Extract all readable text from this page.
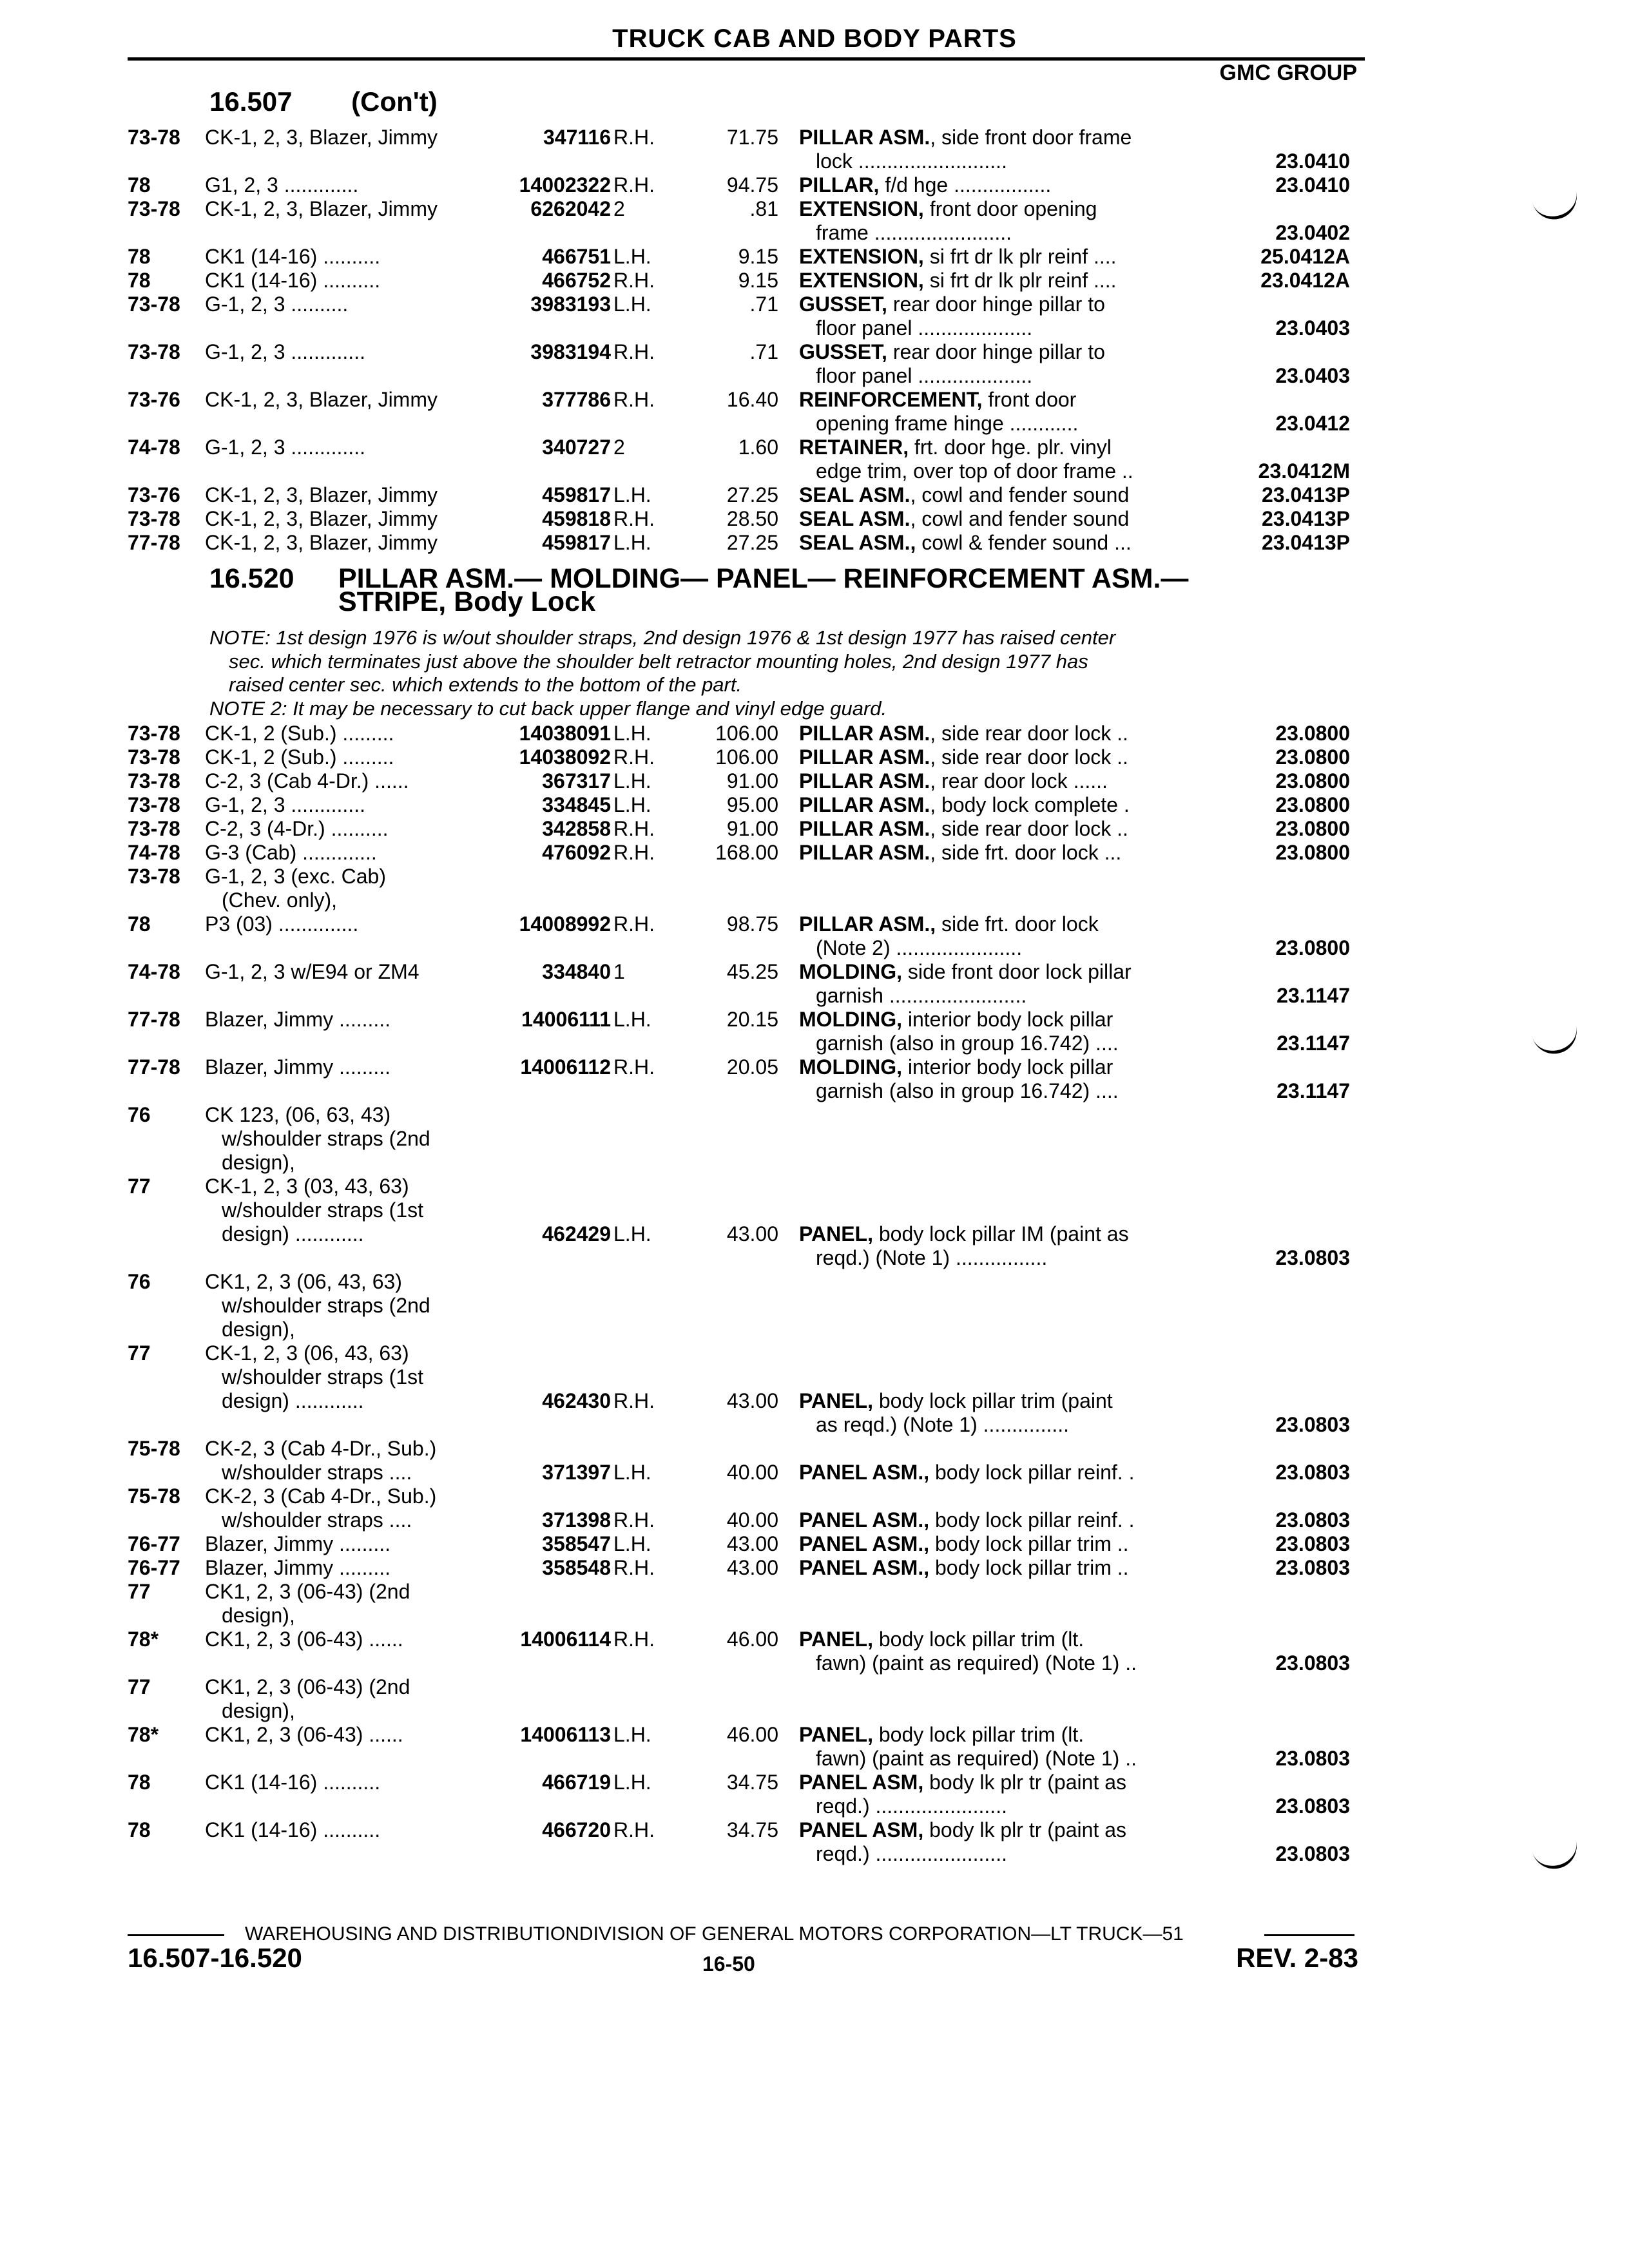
TRUCK CAB AND BODY PARTS
GMC GROUP
16.507 (Con't)
73-78 CK-1, 2, 3, Blazer, Jimmy	347116 R.H.	71.75 PILLAR ASM., side front door frame
lock ..........................	23.0410
78	G1, 2, 3 .............	14002322 R.H.	94.75 PILLAR, f/d hge .................	23.0410
73-78 CK-1, 2, 3, Blazer, Jimmy	6262042 2	.81 EXTENSION, front door opening
frame ........................	23.0402
78	CK1 (14-16) ..........	466751 L.H.	9.15 EXTENSION, si frt dr lk plr reinf ....	25.0412A
78	CK1 (14-16) ..........	466752 R.H.	9.15 EXTENSION, si frt dr lk plr reinf ....	23.0412A
73-78 G-1, 2, 3 ..........	3983193 L.H.	.71 GUSSET, rear door hinge pillar to
floor panel ....................	23.0403
73-78 G-1, 2, 3 .............	3983194 R.H.	.71 GUSSET, rear door hinge pillar to
floor panel ....................	23.0403
73-76 CK-1, 2, 3, Blazer, Jimmy	377786 R.H.	16.40 REINFORCEMENT, front door
opening frame hinge ............	23.0412
74-78 G-1, 2, 3 .............	340727 2	1.60 RETAINER, frt. door hge. plr. vinyl
edge trim, over top of door frame ..	23.0412M
73-76 CK-1, 2, 3, Blazer, Jimmy	459817 L.H.	27.25 SEAL ASM., cowl and fender sound	23.0413P
73-78 CK-1, 2, 3, Blazer, Jimmy	459818 R.H.	28.50 SEAL ASM., cowl and fender sound	23.0413P
77-78 CK-1, 2, 3, Blazer, Jimmy	459817 L.H.	27.25 SEAL ASM., cowl & fender sound ...	23.0413P
16.520 PILLAR ASM.— MOLDING— PANEL— REINFORCEMENT ASM.—
STRIPE, Body Lock
NOTE: 1st design 1976 is w/out shoulder straps, 2nd design 1976 & 1st design 1977 has raised center
sec. which terminates just above the shoulder belt retractor mounting holes, 2nd design 1977 has
raised center sec. which extends to the bottom of the part.
NOTE 2: It may be necessary to cut back upper flange and vinyl edge guard.
73-78 CK-1, 2 (Sub.) .........	14038091 L.H.	106.00 PILLAR ASM., side rear door lock ..	23.0800
73-78 CK-1, 2 (Sub.) .........	14038092 R.H.	106.00 PILLAR ASM., side rear door lock ..	23.0800
73-78 C-2, 3 (Cab 4-Dr.) ......	367317 L.H.	91.00 PILLAR ASM., rear door lock ......	23.0800
73-78 G-1, 2, 3 .............	334845 L.H.	95.00 PILLAR ASM., body lock complete .	23.0800
73-78 C-2, 3 (4-Dr.) ..........	342858 R.H.	91.00 PILLAR ASM., side rear door lock ..	23.0800
74-78 G-3 (Cab) .............	476092 R.H.	168.00 PILLAR ASM., side frt. door lock ...	23.0800
73-78 G-1, 2, 3 (exc. Cab)
(Chev. only),
78	P3 (03) ..............	14008992 R.H.	98.75 PILLAR ASM., side frt. door lock
(Note 2) ......................	23.0800
74-78 G-1, 2, 3 w/E94 or ZM4	334840 1	45.25 MOLDING, side front door lock pillar
garnish ........................	23.1147
77-78 Blazer, Jimmy .........	14006111 L.H.	20.15 MOLDING, interior body lock pillar
garnish (also in group 16.742) ....	23.1147
77-78 Blazer, Jimmy .........	14006112 R.H.	20.05 MOLDING, interior body lock pillar
garnish (also in group 16.742) ....	23.1147
76	CK 123, (06, 63, 43)
w/shoulder straps (2nd
design),
77	CK-1, 2, 3 (03, 43, 63)
w/shoulder straps (1st
design) ............	462429 L.H.	43.00 PANEL, body lock pillar IM (paint as
reqd.) (Note 1) ................	23.0803
76	CK1, 2, 3 (06, 43, 63)
w/shoulder straps (2nd
design),
77	CK-1, 2, 3 (06, 43, 63)
w/shoulder straps (1st
design) ............	462430 R.H.	43.00 PANEL, body lock pillar trim (paint
as reqd.) (Note 1) ...............	23.0803
75-78 CK-2, 3 (Cab 4-Dr., Sub.)
w/shoulder straps ....	371397 L.H.	40.00 PANEL ASM., body lock pillar reinf. .	23.0803
75-78 CK-2, 3 (Cab 4-Dr., Sub.)
w/shoulder straps ....	371398 R.H.	40.00 PANEL ASM., body lock pillar reinf. .	23.0803
76-77 Blazer, Jimmy .........	358547 L.H.	43.00 PANEL ASM., body lock pillar trim ..	23.0803
76-77 Blazer, Jimmy .........	358548 R.H.	43.00 PANEL ASM., body lock pillar trim ..	23.0803
77	CK1, 2, 3 (06-43) (2nd
design),
78* CK1, 2, 3 (06-43) ......	14006114 R.H.	46.00 PANEL, body lock pillar trim (lt.
fawn) (paint as required) (Note 1) ..	23.0803
77	CK1, 2, 3 (06-43) (2nd
design),
78* CK1, 2, 3 (06-43) ......	14006113 L.H.	46.00 PANEL, body lock pillar trim (lt.
fawn) (paint as required) (Note 1) ..	23.0803
78	CK1 (14-16) ..........	466719 L.H.	34.75 PANEL ASM, body lk plr tr (paint as
reqd.) .......................	23.0803
78	CK1 (14-16) ..........	466720 R.H.	34.75 PANEL ASM, body lk plr tr (paint as
reqd.) .......................	23.0803
WAREHOUSING AND DISTRIBUTIONDIVISION OF GENERAL MOTORS CORPORATION—LT TRUCK—51
16.507-16.520	16-50	REV. 2-83
